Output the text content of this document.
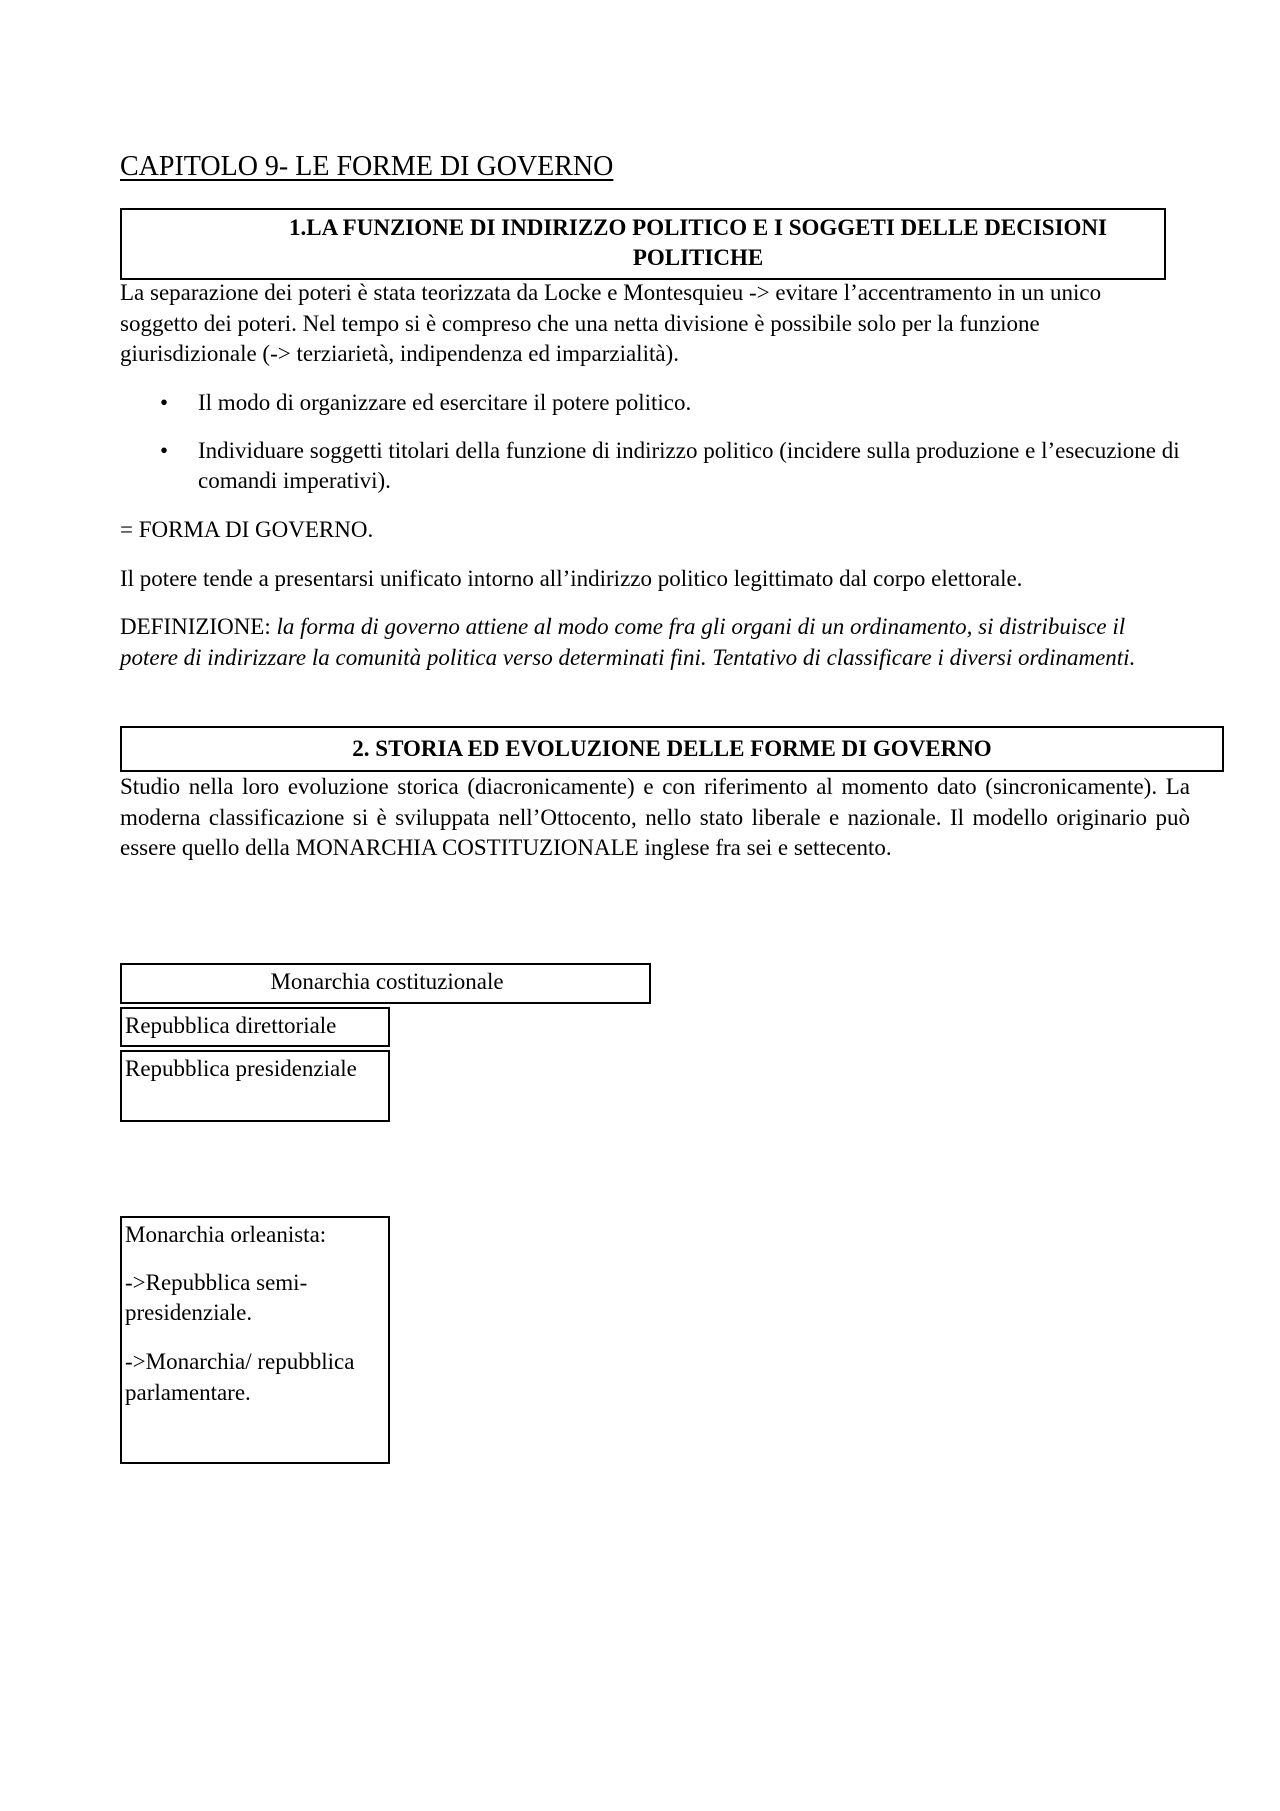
CAPITOLO 9- LE FORME DI GOVERNO
1.LA FUNZIONE DI INDIRIZZO POLITICO E I SOGGETI DELLE DECISIONI POLITICHE
La separazione dei poteri è stata teorizzata da Locke e Montesquieu -> evitare l’accentramento in un unico soggetto dei poteri. Nel tempo si è compreso che una netta divisione è possibile solo per la funzione giurisdizionale (-> terziarietà, indipendenza ed imparzialità).
• Il modo di organizzare ed esercitare il potere politico.
• Individuare soggetti titolari della funzione di indirizzo politico (incidere sulla produzione e l’esecuzione di comandi imperativi).
= FORMA DI GOVERNO.
Il potere tende a presentarsi unificato intorno all’indirizzo politico legittimato dal corpo elettorale.
DEFINIZIONE: la forma di governo attiene al modo come fra gli organi di un ordinamento, si distribuisce il potere di indirizzare la comunità politica verso determinati fini. Tentativo di classificare i diversi ordinamenti.
2. STORIA ED EVOLUZIONE DELLE FORME DI GOVERNO
Studio nella loro evoluzione storica (diacronicamente) e con riferimento al momento dato (sincronicamente). La moderna classificazione si è sviluppata nell’Ottocento, nello stato liberale e nazionale. Il modello originario può essere quello della MONARCHIA COSTITUZIONALE inglese fra sei e settecento.
Monarchia costituzionale
Repubblica direttoriale
Repubblica presidenziale
Monarchia orleanista:
->Repubblica semi-presidenziale.
->Monarchia/ repubblica parlamentare.
